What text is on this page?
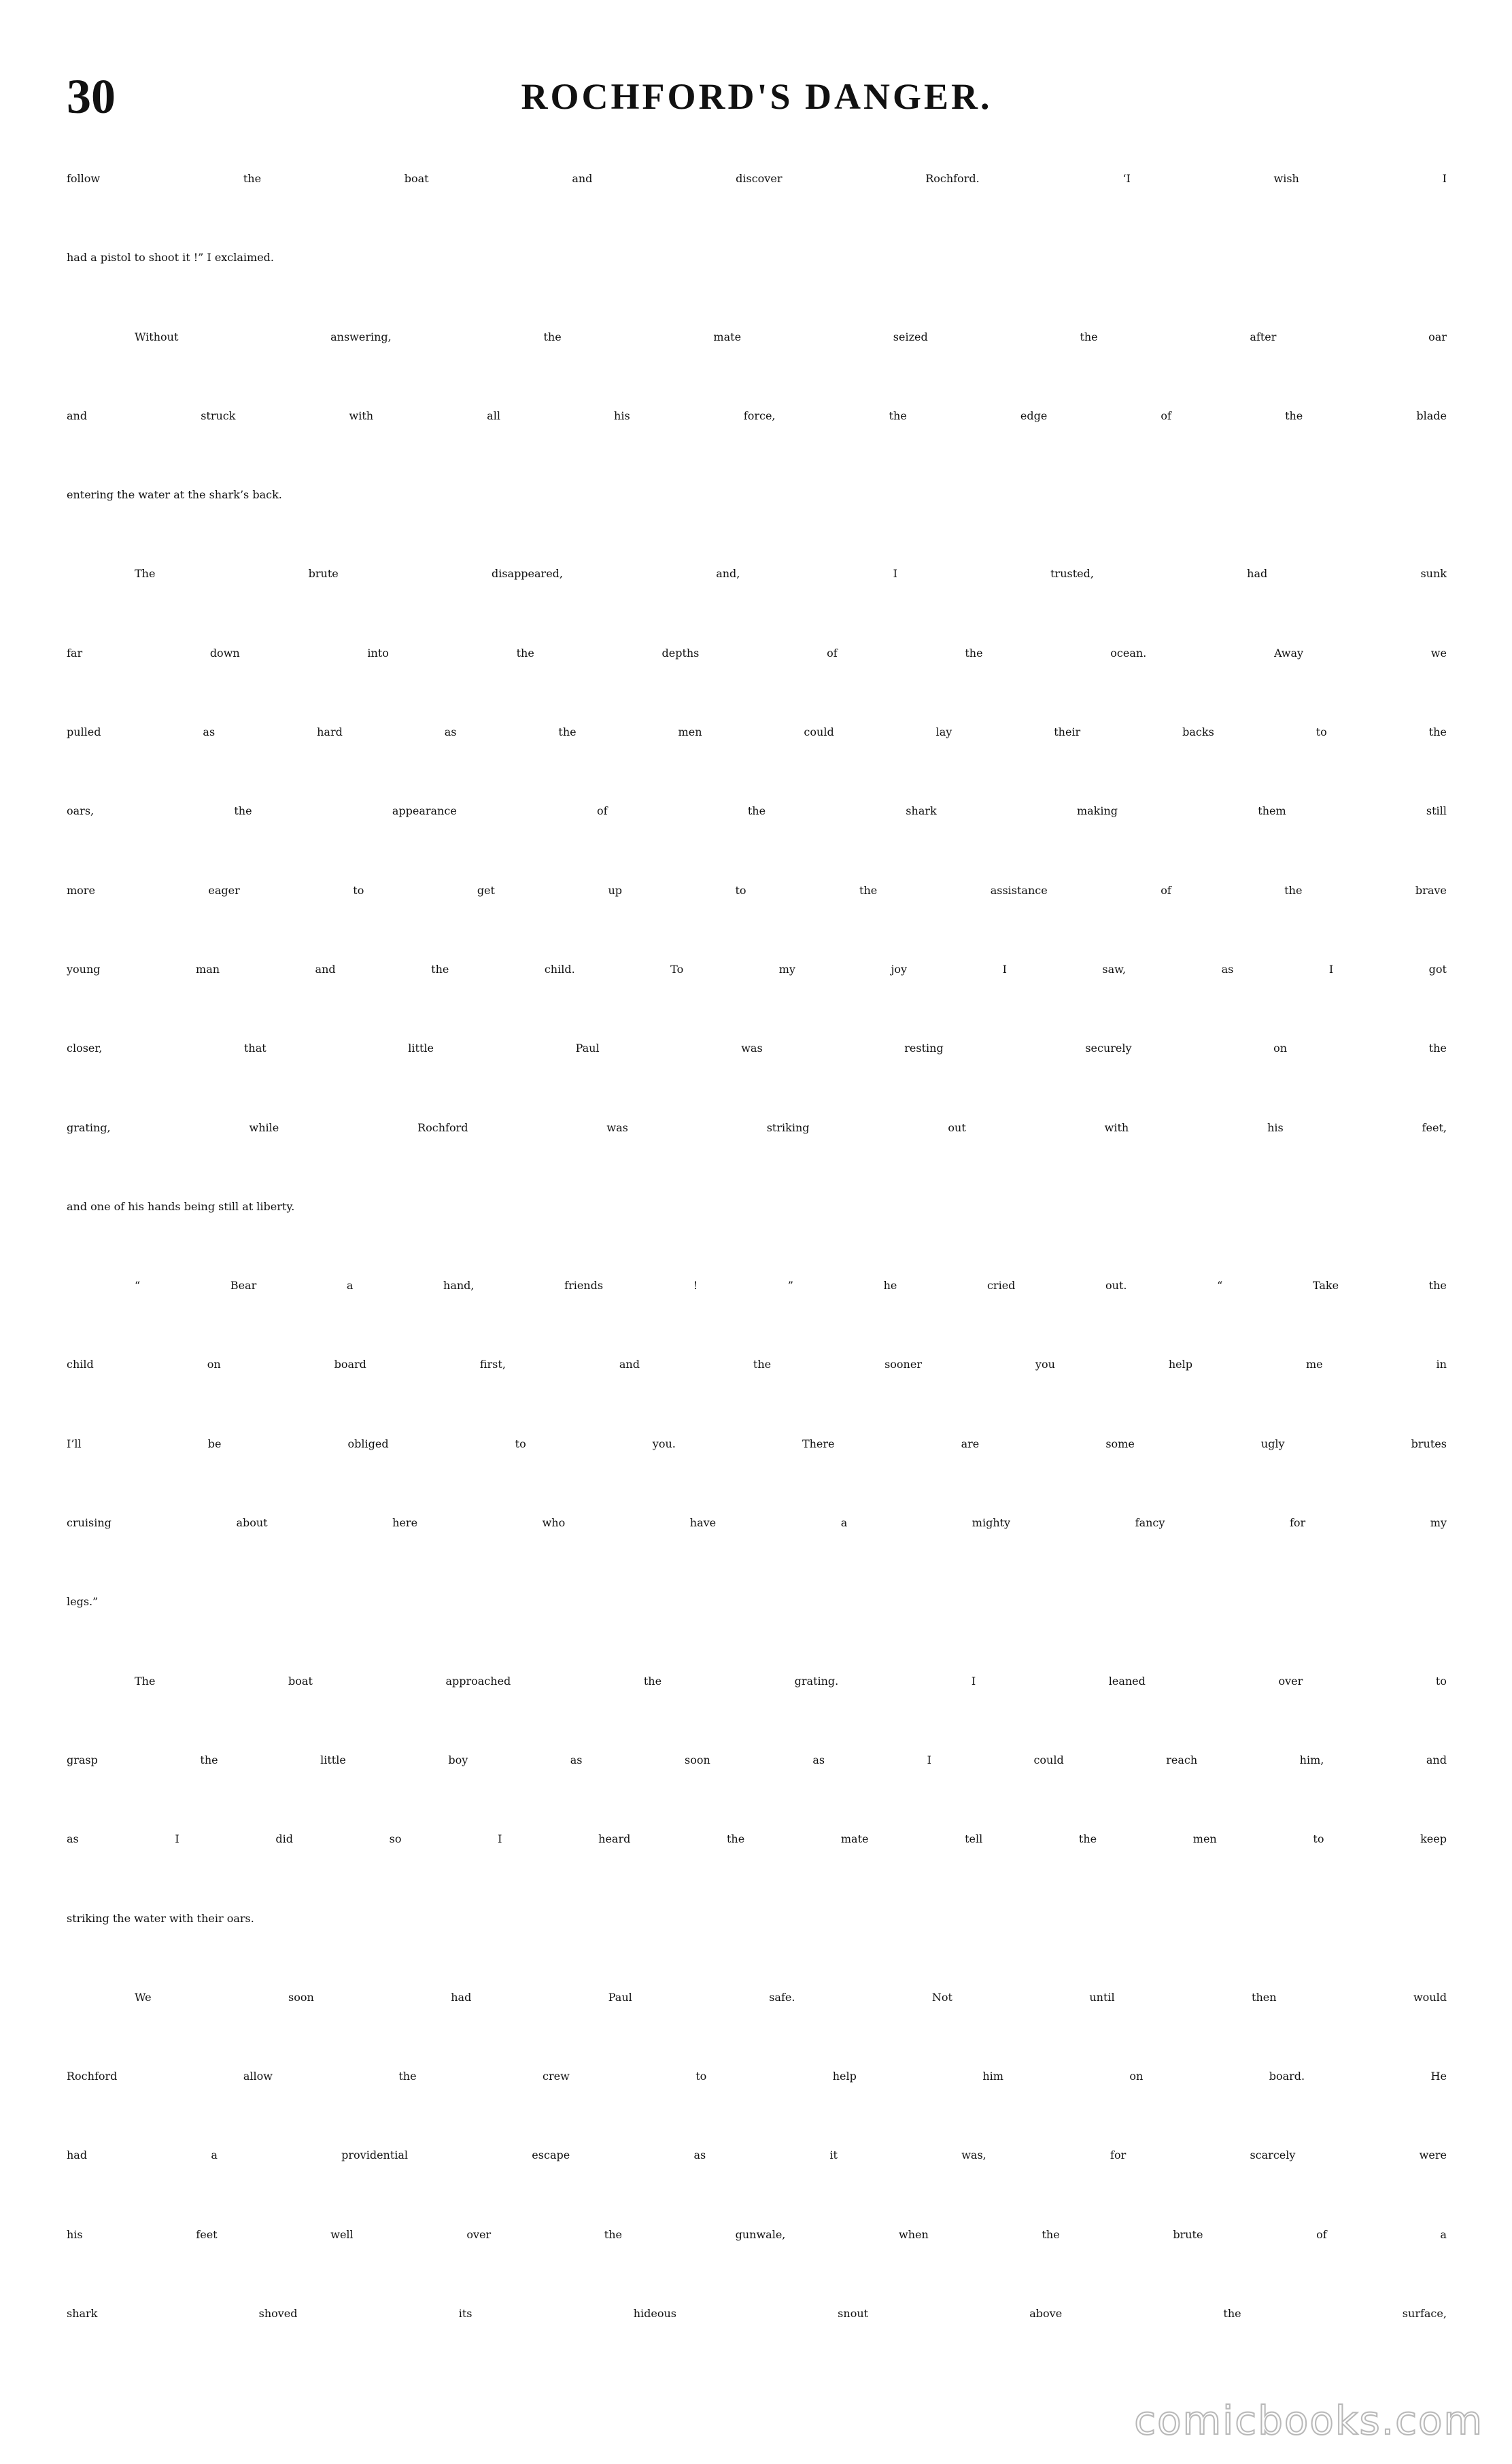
30	ROCHFORD'S DANGER.
follow	the	boat	and	discover	Rochford.	‘I	wish	I
had a pistol to shoot it !” I exclaimed.
Without	answering,	the	mate	seized	the	after	oar
and	struck	with	all	his	force,	the	edge	of	the	blade
entering the water at the shark’s back.
The	brute	disappeared,	and,	I	trusted,	had	sunk
far	down	into	the	depths	of	the	ocean.	Away	we
pulled	as	hard	as	the	men	could	lay	their	backs	to	the
oars,	the	appearance	of	the	shark	making	them	still
more	eager	to	get	up	to	the	assistance	of	the	brave
young	man	and	the	child.	To	my	joy	I	saw,	as	I	got
closer,	that	little	Paul	was	resting	securely	on	the
grating,	while	Rochford	was	striking	out	with	his	feet,
and one of his hands being still at liberty.
“	Bear	a	hand,	friends	!	”	he	cried	out.	“	Take	the
child	on	board	first,	and	the	sooner	you	help	me	in
I’ll	be	obliged	to	you.	There	are	some	ugly	brutes
cruising	about	here	who	have	a	mighty	fancy	for	my
legs.”
The	boat	approached	the	grating.	I	leaned	over	to
grasp	the	little	boy	as	soon	as	I	could	reach	him,	and
as	I	did	so	I	heard	the	mate	tell	the	men	to	keep
striking the water with their oars.
We	soon	had	Paul	safe.	Not	until	then	would
Rochford	allow	the	crew	to	help	him	on	board.	He
had	a	providential	escape	as	it	was,	for	scarcely	were
his	feet	well	over	the	gunwale,	when	the	brute	of	a
shark	shoved	its	hideous	snout	above	the	surface,
comicbooks.com
